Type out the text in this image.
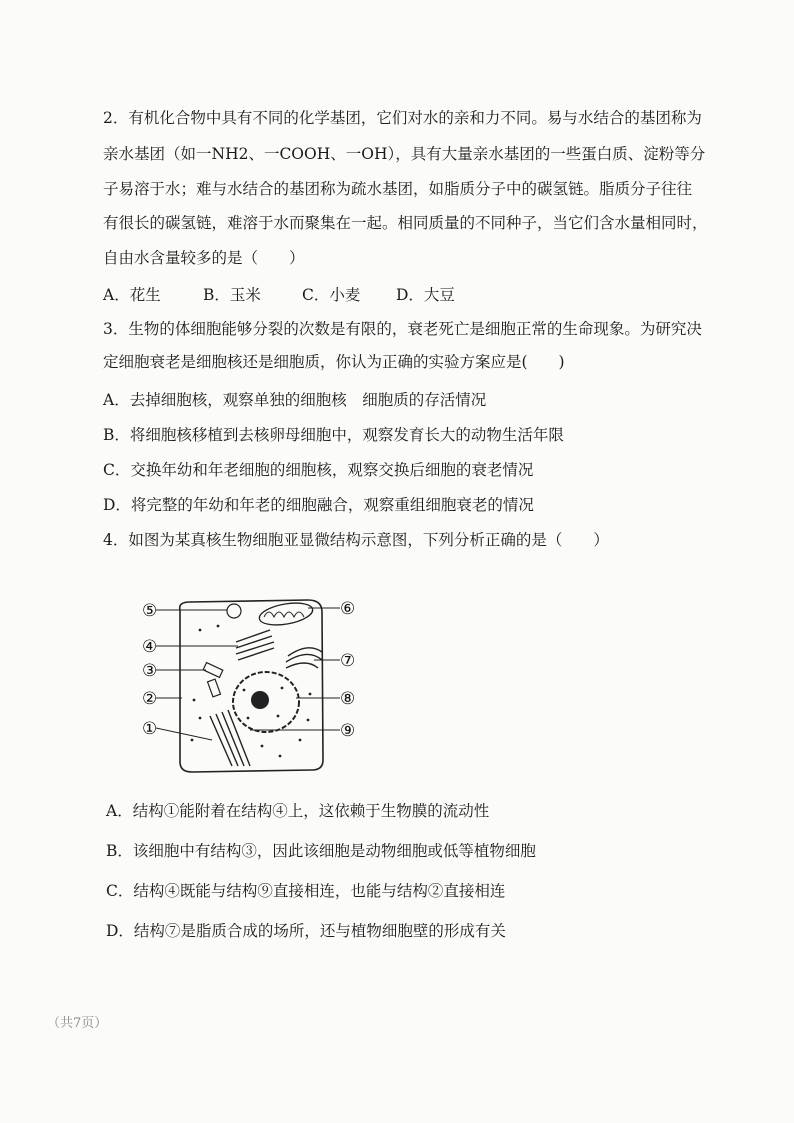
2．有机化合物中具有不同的化学基团，它们对水的亲和力不同。易与水结合的基团称为
亲水基团（如一NH2、一COOH、一OH），具有大量亲水基团的一些蛋白质、淀粉等分
子易溶于水；难与水结合的基团称为疏水基团，如脂质分子中的碳氢链。脂质分子往往
有很长的碳氢链，难溶于水而聚集在一起。相同质量的不同种子，当它们含水量相同时，
自由水含量较多的是（　　）
A．花生	B．玉米	C．小麦 D．大豆
3．生物的体细胞能够分裂的次数是有限的，衰老死亡是细胞正常的生命现象。为研究决
定细胞衰老是细胞核还是细胞质，你认为正确的实验方案应是(　　)
A．去掉细胞核，观察单独的细胞核　细胞质的存活情况
B．将细胞核移植到去核卵母细胞中，观察发育长大的动物生活年限
C．交换年幼和年老细胞的细胞核，观察交换后细胞的衰老情况
D．将完整的年幼和年老的细胞融合，观察重组细胞衰老的情况
4．如图为某真核生物细胞亚显微结构示意图，下列分析正确的是（　　）
⑤
④
③
②
①
⑥
⑦
⑧
⑨
A．结构①能附着在结构④上，这依赖于生物膜的流动性
B．该细胞中有结构③，因此该细胞是动物细胞或低等植物细胞
C．结构④既能与结构⑨直接相连，也能与结构②直接相连
D．结构⑦是脂质合成的场所，还与植物细胞壁的形成有关
（共7页）
